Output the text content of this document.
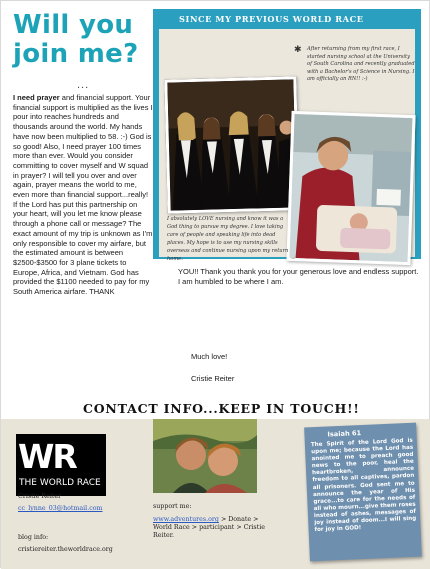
Will you join me?
...
I need prayer and financial support. Your financial support is multiplied as the lives I pour into reaches hundreds and thousands around the world. My hands have now been multiplied to 58. :-) God is so good! Also, I need prayer 100 times more than ever. Would you consider committing to cover myself and W squad in prayer? I will tell you over and over again, prayer means the world to me, even more than financial support...really! If the Lord has put this partnership on your heart, will you let me know please through a phone call or message? The exact amount of my trip is unknown as I'm only responsible to cover my airfare, but the estimated amount is between $2500-$3500 for 3 plane tickets to Europe, Africa, and Vietnam. God has provided the $1100 needed to pay for my South America airfare. THANK
SINCE MY PREVIOUS WORLD RACE
✱ After returning from my first race, I started nursing school at the University of South Carolina and recently graduated with a Bachelor's of Science in Nursing. I am officially an RN!! :-)
I absolutely LOVE nursing and know it was a God thing to pursue my degree. I love taking care of people and speaking life into dead places. My hope is to use my nursing skills overseas and continue nursing upon my return home.	→
YOU!! Thank you thank you for your generous love and endless support. I am humbled to be where I am.
Much love!
Cristie Reiter
CONTACT INFO...KEEP IN TOUCH!!
WR
THE WORLD RACE
Cristie Reiter
cc_lynne_03@hotmail.com
blog info:
cristiereiter.theworldrace.org
support me:
www.adventures.org > Donate >
World Race > participant > Cristie
Reiter.
Isaiah 61
The Spirit of the Lord God is upon me; because the Lord has anointed me to preach good news to the poor, heal the heartbroken, announce freedom to all captives, pardon all prisoners. God sent me to announce the year of His grace...to care for the needs of all who mourn...give them roses instead of ashes, messages of joy instead of doom...I will sing for joy in GOD!
